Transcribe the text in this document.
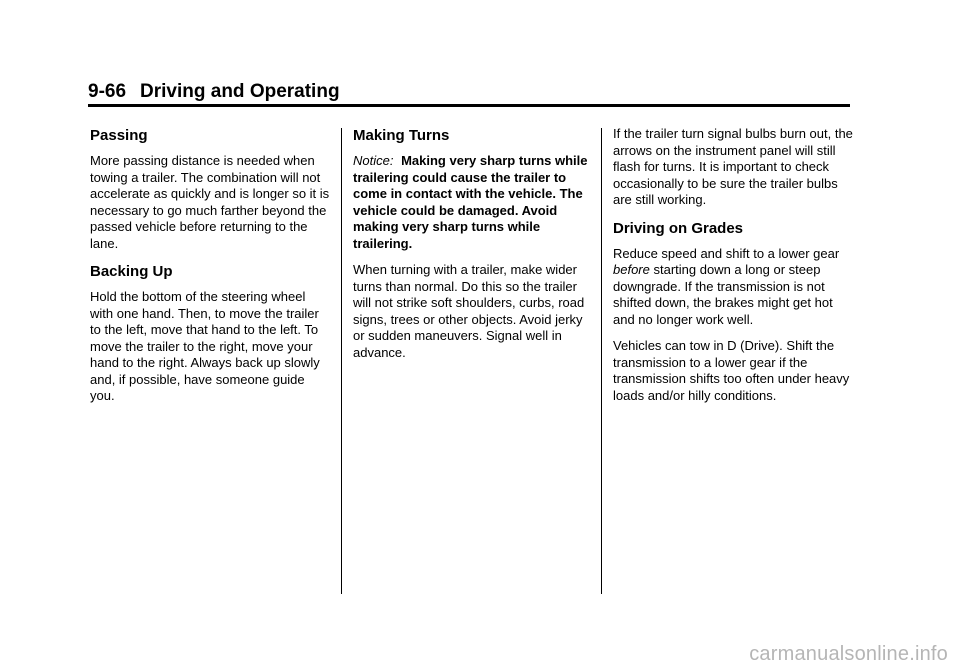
9-66 Driving and Operating
Passing

More passing distance is needed when towing a trailer. The combination will not accelerate as quickly and is longer so it is necessary to go much farther beyond the passed vehicle before returning to the lane.

Backing Up

Hold the bottom of the steering wheel with one hand. Then, to move the trailer to the left, move that hand to the left. To move the trailer to the right, move your hand to the right. Always back up slowly and, if possible, have someone guide you.

Making Turns

Notice: Making very sharp turns while trailering could cause the trailer to come in contact with the vehicle. The vehicle could be damaged. Avoid making very sharp turns while trailering.

When turning with a trailer, make wider turns than normal. Do this so the trailer will not strike soft shoulders, curbs, road signs, trees or other objects. Avoid jerky or sudden maneuvers. Signal well in advance.

If the trailer turn signal bulbs burn out, the arrows on the instrument panel will still flash for turns. It is important to check occasionally to be sure the trailer bulbs are still working.

Driving on Grades

Reduce speed and shift to a lower gear before starting down a long or steep downgrade. If the transmission is not shifted down, the brakes might get hot and no longer work well.

Vehicles can tow in D (Drive). Shift the transmission to a lower gear if the transmission shifts too often under heavy loads and/or hilly conditions.

carmanualsonline.info
